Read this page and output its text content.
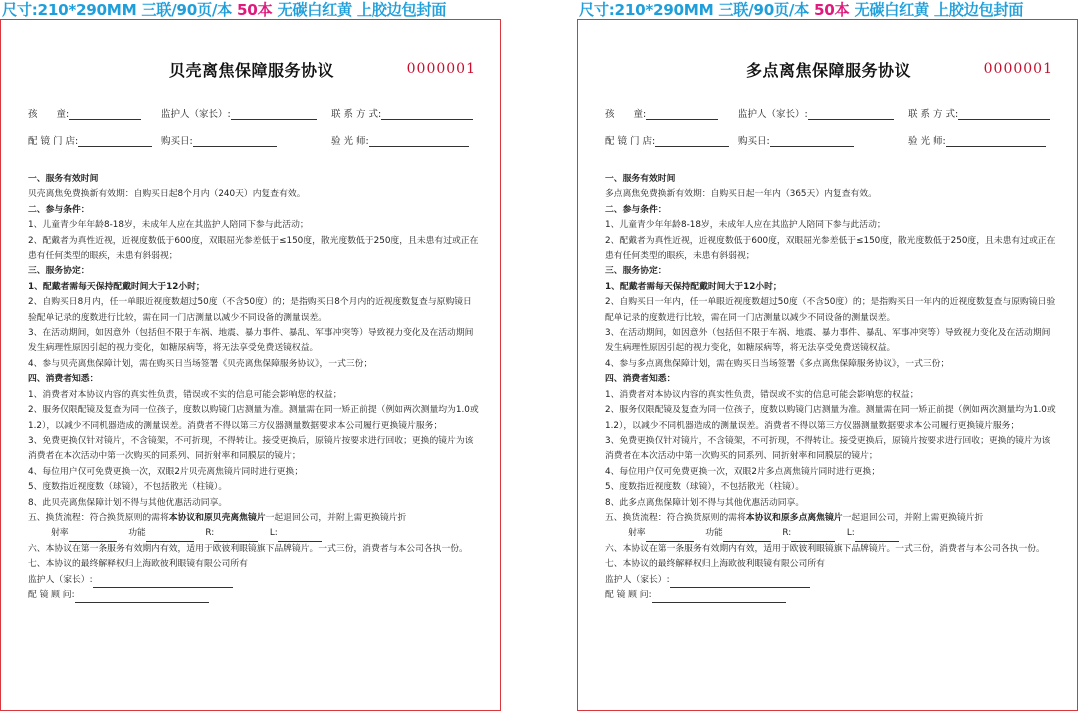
尺寸:210*290MM 三联/90页/本 50本 无碳白红黄 上胶边包封面
贝壳离焦保障服务协议	0000001
孩　　童:	监护人（家长）:	联 系 方 式:
配 镜 门 店:	购买日:	验 光 师:

一、服务有效时间

贝壳离焦免费换新有效期：自购买日起8个月内（240天）内复查有效。

二、参与条件：

1、儿童青少年年龄8-18岁，未成年人应在其监护人陪同下参与此活动；

2、配戴者为真性近视，近视度数低于600度，双眼屈光参差低于≤150度，散光度数低于250度，且未患有过或正在患有任何类型的眼疾，未患有斜弱视；

三、服务协定：

1、配戴者需每天保持配戴时间大于12小时；

2、自购买日8月内，任一单眼近视度数超过50度（不含50度）的；是指购买日8个月内的近视度数复查与原购镜日验配单记录的度数进行比较，需在同一门店测量以减少不同设备的测量误差。

3、在活动期间，如因意外（包括但不限于车祸、地震、暴力事件、暴乱、军事冲突等）导致视力变化及在活动期间发生病理性原因引起的视力变化，如糖尿病等，将无法享受免费送镜权益。

4、参与贝壳离焦保障计划，需在购买日当场签署《贝壳离焦保障服务协议》，一式三份；

四、消费者知悉：

1、消费者对本协议内容的真实性负责，错误或不实的信息可能会影响您的权益；

2、服务仅限配镜及复查为同一位孩子，度数以购镜门店测量为准。测量需在同一矫正前提（例如两次测量均为1.0或1.2），以减少不同机器造成的测量误差。消费者不得以第三方仪器测量数据要求本公司履行更换镜片服务；

3、免费更换仅针对镜片，不含镜架，不可折现，不得转让。接受更换后，原镜片按要求进行回收；更换的镜片为该消费者在本次活动中第一次购买的同系列、同折射率和同膜层的镜片；

4、每位用户仅可免费更换一次，双眼2片贝壳离焦镜片同时进行更换；

5、度数指近视度数（球镜），不包括散光（柱镜）。

8、此贝壳离焦保障计划不得与其他优惠活动同享。

五、换货流程：符合换货原则的需将本协议和原贝壳离焦镜片一起退回公司，并附上需更换镜片折

射率　	功能　	R:　	L:

六、本协议在第一条服务有效期内有效，适用于欧彼利眼镜旗下品牌镜片。一式三份，消费者与本公司各执一份。

七、本协议的最终解释权归上海欧彼利眼镜有限公司所有

监护人（家长）:

配 镜 顾 问:

尺寸:210*290MM 三联/90页/本 50本 无碳白红黄 上胶边包封面
多点离焦保障服务协议	0000001
孩　　童:	监护人（家长）:	联 系 方 式:
配 镜 门 店:	购买日:	验 光 师:

一、服务有效时间

多点离焦免费换新有效期：自购买日起一年内（365天）内复查有效。

二、参与条件：

1、儿童青少年年龄8-18岁，未成年人应在其监护人陪同下参与此活动；

2、配戴者为真性近视，近视度数低于600度，双眼屈光参差低于≤150度，散光度数低于250度，且未患有过或正在患有任何类型的眼疾，未患有斜弱视；

三、服务协定：

1、配戴者需每天保持配戴时间大于12小时；

2、自购买日一年内，任一单眼近视度数超过50度（不含50度）的；是指购买日一年内的近视度数复查与原购镜日验配单记录的度数进行比较，需在同一门店测量以减少不同设备的测量误差。

3、在活动期间，如因意外（包括但不限于车祸、地震、暴力事件、暴乱、军事冲突等）导致视力变化及在活动期间发生病理性原因引起的视力变化，如糖尿病等，将无法享受免费送镜权益。

4、参与多点离焦保障计划，需在购买日当场签署《多点离焦保障服务协议》，一式三份；

四、消费者知悉：

1、消费者对本协议内容的真实性负责，错误或不实的信息可能会影响您的权益；

2、服务仅限配镜及复查为同一位孩子，度数以购镜门店测量为准。测量需在同一矫正前提（例如两次测量均为1.0或1.2），以减少不同机器造成的测量误差。消费者不得以第三方仪器测量数据要求本公司履行更换镜片服务；

3、免费更换仅针对镜片，不含镜架，不可折现，不得转让。接受更换后，原镜片按要求进行回收；更换的镜片为该消费者在本次活动中第一次购买的同系列、同折射率和同膜层的镜片；

4、每位用户仅可免费更换一次，双眼2片多点离焦镜片同时进行更换；

5、度数指近视度数（球镜），不包括散光（柱镜）。

8、此多点离焦保障计划不得与其他优惠活动同享。

五、换货流程：符合换货原则的需将本协议和原多点离焦镜片一起退回公司，并附上需更换镜片折

射率　	功能　	R:　	L:

六、本协议在第一条服务有效期内有效，适用于欧彼利眼镜旗下品牌镜片。一式三份，消费者与本公司各执一份。

七、本协议的最终解释权归上海欧彼利眼镜有限公司所有

监护人（家长）:

配 镜 顾 问:
